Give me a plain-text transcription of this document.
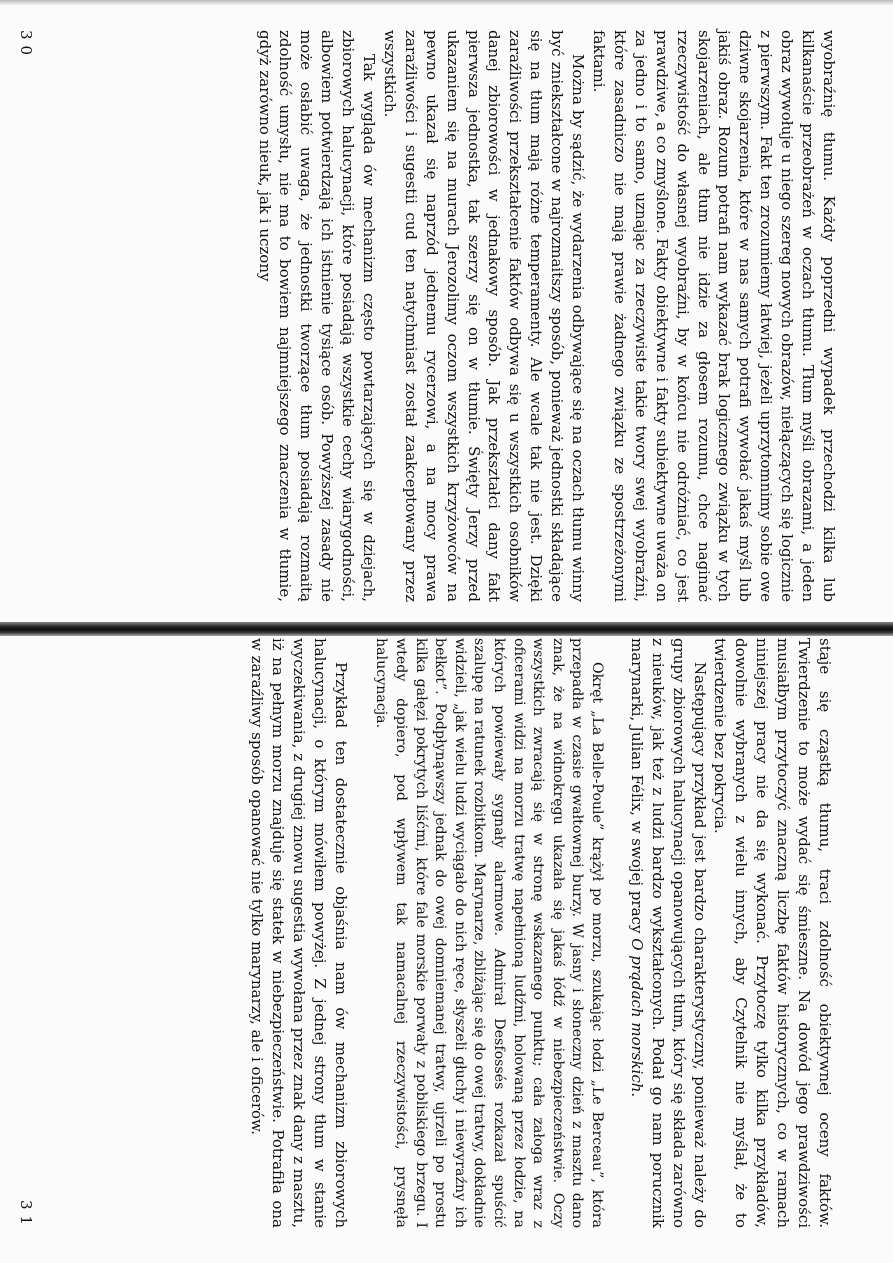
wyobraźnię tłumu. Każdy poprzedni wypadek przechodzi kilka lub kilkanaście przeobrażeń w oczach tłumu. Tłum myśli obrazami, a jeden obraz wywołuje u niego szereg nowych obrazów, niełączących się logicznie z pierwszym. Fakt ten zrozumiemy łatwiej, jeżeli uprzytomnimy sobie owe dziwne skojarzenia, które w nas samych potrafi wywołać jakaś myśl lub jakiś obraz. Rozum potrafi nam wykazać brak logicznego związku w tych skojarzeniach, ale tłum nie idzie za głosem rozumu, chce naginać rzeczywistość do własnej wyobraźni, by w końcu nie odróżniać, co jest prawdziwe, a co zmyślone. Fakty obiektywne i fakty subiektywne uważa on za jedno i to samo, uznając za rzeczywiste takie twory swej wyobraźni, które zasadniczo nie mają prawie żadnego związku ze spostrzeżonymi faktami.

Można by sądzić, że wydarzenia odbywające się na oczach tłumu winny być zniekształcone w najrozmaitszy sposób, ponieważ jednostki składające się na tłum mają różne temperamenty. Ale wcale tak nie jest. Dzięki zaraźliwości przekształcenie faktów odbywa się u wszystkich osobników danej zbiorowości w jednakowy sposób. Jak przekształci dany fakt pierwsza jednostka, tak szerzy się on w tłumie. Święty Jerzy przed ukazaniem się na murach Jerozolimy oczom wszystkich krzyżowców na pewno ukazał się naprzód jednemu rycerzowi, a na mocy prawa zaraźliwości i sugestii cud ten natychmiast został zaakceptowany przez wszystkich.

Tak wygląda ów mechanizm często powtarzających się w dziejach, zbiorowych halucynacji, które posiadają wszystkie cechy wiarygodności, albowiem potwierdzają ich istnienie tysiące osób. Powyższej zasady nie może osłabić uwaga, że jednostki tworzące tłum posiadają rozmaitą zdolność umysłu, nie ma to bowiem najmniejszego znaczenia w tłumie, gdyż zarówno nieuk, jak i uczony

30

staje się cząstką tłumu, traci zdolność obiektywnej oceny faktów. Twierdzenie to może wydać się śmieszne. Na dowód jego prawdziwości musiałbym przytoczyć znaczną liczbę faktów historycznych, co w ramach niniejszej pracy nie da się wykonać. Przytoczę tylko kilka przykładów, dowolnie wybranych z wielu innych, aby Czytelnik nie myślał, że to twierdzenie bez pokrycia.

Następujący przykład jest bardzo charakterystyczny, ponieważ należy do grupy zbiorowych halucynacji opanowujących tłum, który się składa zarówno z nieuków, jak też z ludzi bardzo wykształconych. Podał go nam porucznik marynarki, Julian Félix, w swojej pracy O prądach morskich.

Okręt „La Belle-Poule” krążył po morzu, szukając łodzi „Le Berceau”, która przepadła w czasie gwałtownej burzy. W jasny i słoneczny dzień z masztu dano znak, że na widnokręgu ukazała się jakaś łódź w niebezpieczeństwie. Oczy wszystkich zwracają się w stronę wskazanego punktu; cała załoga wraz z oficerami widzi na morzu tratwę napełnioną ludźmi, holowaną przez łodzie, na których powiewały sygnały alarmowe. Admirał Desfossés rozkazał spuścić szalupę na ratunek rozbitkom. Marynarze, zbliżając się do owej tratwy, dokładnie widzieli, „jak wielu ludzi wyciągało do nich ręce, słyszeli głuchy i niewyraźny ich bełkot”. Podpłynąwszy jednak do owej domniemanej tratwy, ujrzeli po prostu kilka gałęzi pokrytych liśćmi, które fale morskie porwały z pobliskiego brzegu. I wtedy dopiero, pod wpływem tak namacalnej rzeczywistości, prysnęła halucynacja.

Przykład ten dostatecznie objaśnia nam ów mechanizm zbiorowych halucynacji, o którym mówiłem powyżej. Z jednej strony tłum w stanie wyczekiwania, z drugiej znowu sugestia wywołana przez znak dany z masztu, iż na pełnym morzu znajduje się statek w niebezpieczeństwie. Potrafiła ona w zaraźliwy sposób opanować nie tylko marynarzy, ale i oficerów.

31
